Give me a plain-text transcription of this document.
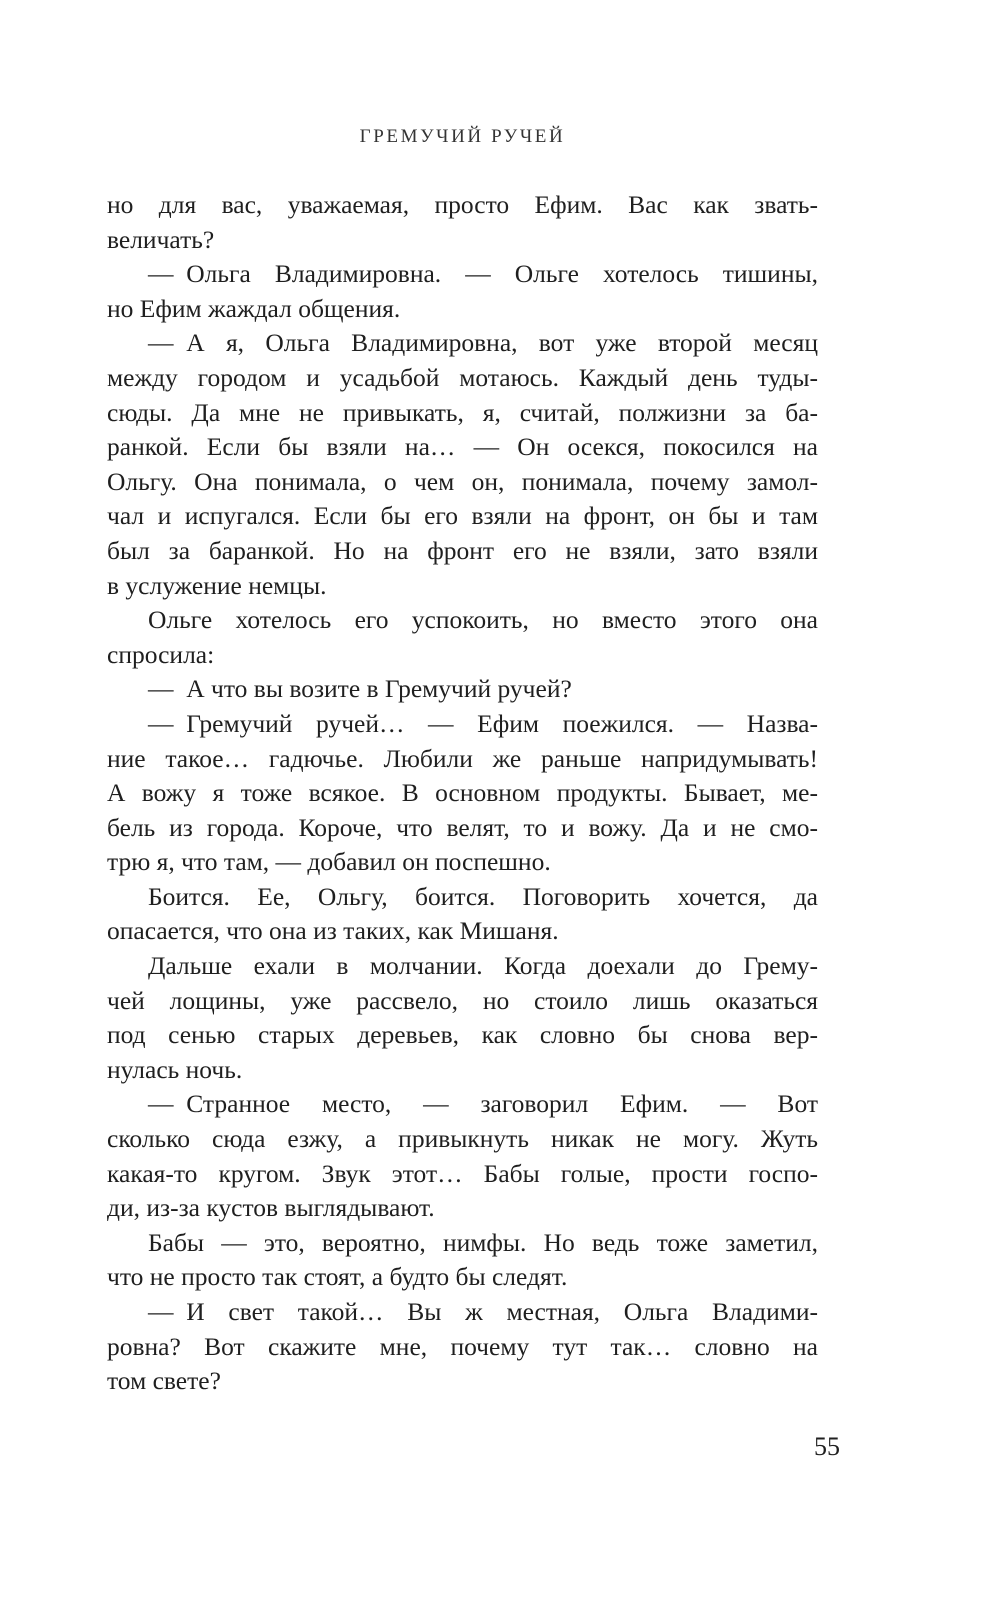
ГРЕМУЧИЙ РУЧЕЙ
но для вас, уважаемая, просто Ефим. Вас как звать-
величать?
— Ольга Владимировна. — Ольге хотелось тишины,
но Ефим жаждал общения.
— А я, Ольга Владимировна, вот уже второй месяц
между городом и усадьбой мотаюсь. Каждый день туды-
сюды. Да мне не привыкать, я, считай, полжизни за ба-
ранкой. Если бы взяли на… — Он осекся, покосился на
Ольгу. Она понимала, о чем он, понимала, почему замол-
чал и испугался. Если бы его взяли на фронт, он бы и там
был за баранкой. Но на фронт его не взяли, зато взяли
в услужение немцы.
Ольге хотелось его успокоить, но вместо этого она
спросила:
— А что вы возите в Гремучий ручей?
— Гремучий ручей… — Ефим поежился. — Назва-
ние такое… гадючье. Любили же раньше напридумывать!
А вожу я тоже всякое. В основном продукты. Бывает, ме-
бель из города. Короче, что велят, то и вожу. Да и не смо-
трю я, что там, — добавил он поспешно.
Боится. Ее, Ольгу, боится. Поговорить хочется, да
опасается, что она из таких, как Мишаня.
Дальше ехали в молчании. Когда доехали до Грему-
чей лощины, уже рассвело, но стоило лишь оказаться
под сенью старых деревьев, как словно бы снова вер-
нулась ночь.
— Странное место, — заговорил Ефим. — Вот
сколько сюда езжу, а привыкнуть никак не могу. Жуть
какая-то кругом. Звук этот… Бабы голые, прости госпо-
ди, из-за кустов выглядывают.
Бабы — это, вероятно, нимфы. Но ведь тоже заметил,
что не просто так стоят, а будто бы следят.
— И свет такой… Вы ж местная, Ольга Владими-
ровна? Вот скажите мне, почему тут так… словно на
том свете?
55
